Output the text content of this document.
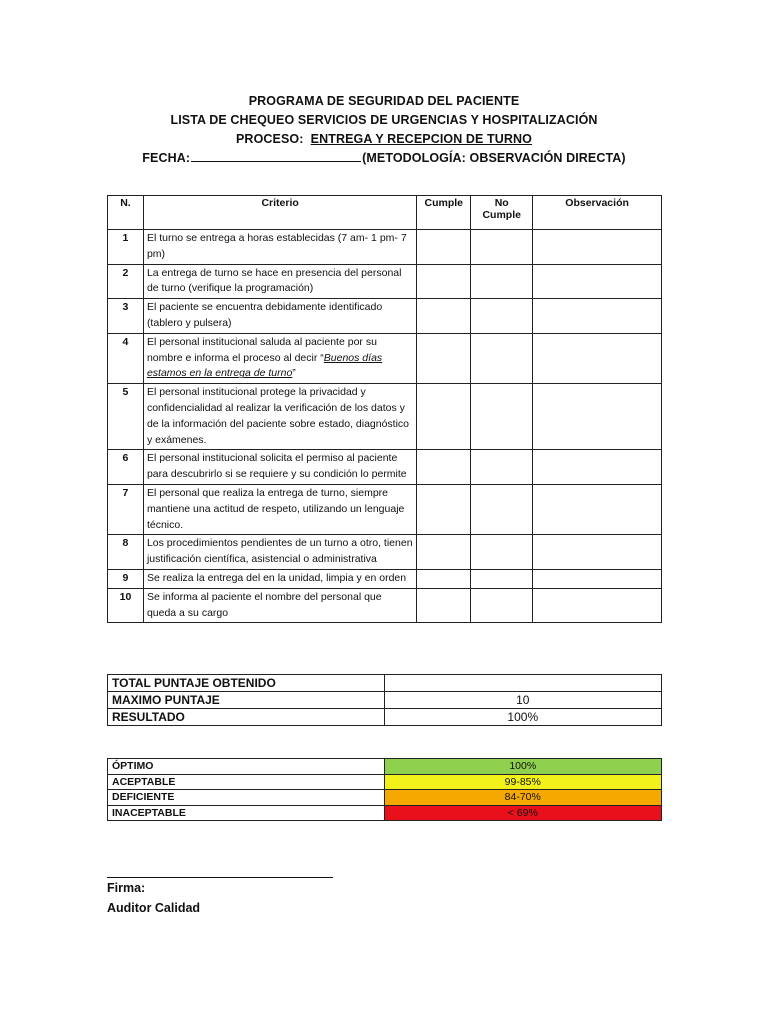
PROGRAMA DE SEGURIDAD DEL PACIENTE
LISTA DE CHEQUEO SERVICIOS DE URGENCIAS Y HOSPITALIZACIÓN
PROCESO: ENTREGA Y RECEPCION DE TURNO
FECHA:	(METODOLOGÍA: OBSERVACIÓN DIRECTA)
N.	Criterio	Cumple	No Cumple	Observación
1	El turno se entrega a horas establecidas (7 am- 1 pm- 7 pm)			
2	La entrega de turno se hace en presencia del personal de turno (verifique la programación)			
3	El paciente se encuentra debidamente identificado (tablero y pulsera)			
4	El personal institucional saluda al paciente por su nombre e informa el proceso al decir “Buenos días estamos en la entrega de turno”			
5	El personal institucional protege la privacidad y confidencialidad al realizar la verificación de los datos y de la información del paciente sobre estado, diagnóstico y exámenes.			
6	El personal institucional solicita el permiso al paciente para descubrirlo si se requiere y su condición lo permite			
7	El personal que realiza la entrega de turno, siempre mantiene una actitud de respeto, utilizando un lenguaje técnico.			
8	Los procedimientos pendientes de un turno a otro, tienen justificación científica, asistencial o administrativa			
9	Se realiza la entrega del en la unidad, limpia y en orden			
10	Se informa al paciente el nombre del personal que queda a su cargo			
TOTAL PUNTAJE OBTENIDO	
MAXIMO PUNTAJE	10
RESULTADO	100%
ÓPTIMO	100%
ACEPTABLE	99-85%
DEFICIENTE	84-70%
INACEPTABLE	< 69%
Firma:
Auditor Calidad
